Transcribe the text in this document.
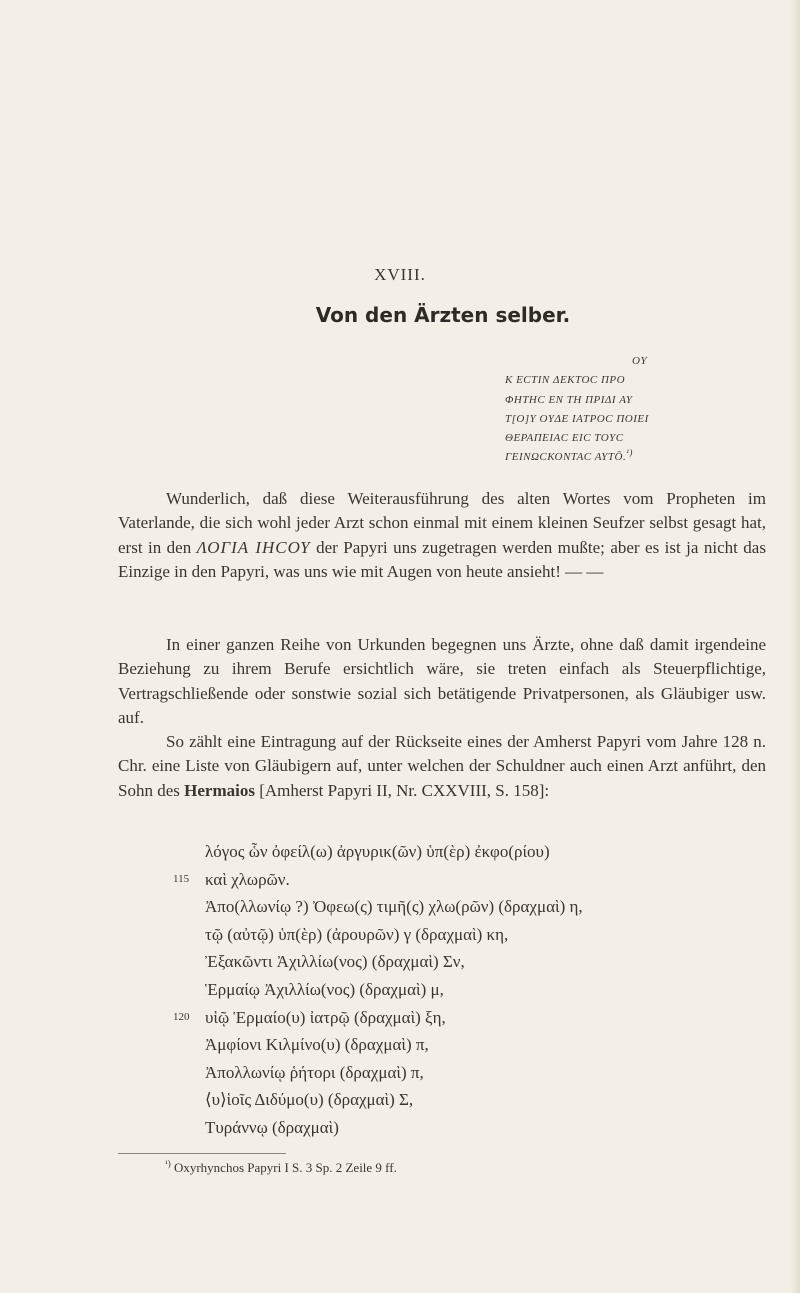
XVIII.
Von den Ärzten selber.
OY
K ECTIN ΔΕΚΤΟC ΠΡΟ
ΦΗΤΗC EN TH ΠΡΙΔΙ AY
T[O]Y OYΔE IATPOC ΠΟΙΕΙ
ΘΕΡΑΠΕΙΑC EIC TOYC
ΓΕΙΝΩCΚΟΝΤΑC AYTŌ.$^{^1)}$

Wunderlich, daß diese Weiterausführung des alten Wortes vom Propheten im Vaterlande, die sich wohl jeder Arzt schon einmal mit einem kleinen Seufzer selbst gesagt hat, erst in den ΛΟΓΙΑ ΙΗCΟΥ der Papyri uns zugetragen werden mußte; aber es ist ja nicht das Einzige in den Papyri, was uns wie mit Augen von heute ansieht! — —

In einer ganzen Reihe von Urkunden begegnen uns Ärzte, ohne daß damit irgendeine Beziehung zu ihrem Berufe ersichtlich wäre, sie treten einfach als Steuerpflichtige, Vertragschließende oder sonstwie sozial sich betätigende Privatpersonen, als Gläubiger usw. auf.

So zählt eine Eintragung auf der Rückseite eines der Amherst Papyri vom Jahre 128 n. Chr. eine Liste von Gläubigern auf, unter welchen der Schuldner auch einen Arzt anführt, den Sohn des Hermaios [Amherst Papyri II, Nr. CXXVIII, S. 158]:

λόγος ὧν ὀφείλ(ω) ἀργυρικ(ῶν) ὑπ(ὲρ) ἐκφο(ρίου)
115 καὶ χλωρῶν.
Ἀπο(λλωνίῳ ?) Ὀφεω(ς) τιμῆ(ς) χλω(ρῶν) (δραχμαὶ) η,
τῷ (αὐτῷ) ὑπ(ὲρ) (ἀρουρῶν) γ (δραχμαὶ) κη,
Ἐξακῶντι Ἀχιλλίω(νος) (δραχμαὶ) Σν,
Ἑρμαίῳ Ἀχιλλίω(νος) (δραχμαὶ) μ,
120 υἱῷ Ἑρμαίο(υ) ἰατρῷ (δραχμαὶ) ξη,
Ἀμφίονι Κιλμίνο(υ) (δραχμαὶ) π,
Ἀπολλωνίῳ ῥήτορι (δραχμαὶ) π,
⟨υ⟩ἱοῖς Διδύμο(υ) (δραχμαὶ) Σ,
Τυράννῳ (δραχμαὶ)
$^{^1)}$ Oxyrhynchos Papyri I S. 3 Sp. 2 Zeile 9 ff.
